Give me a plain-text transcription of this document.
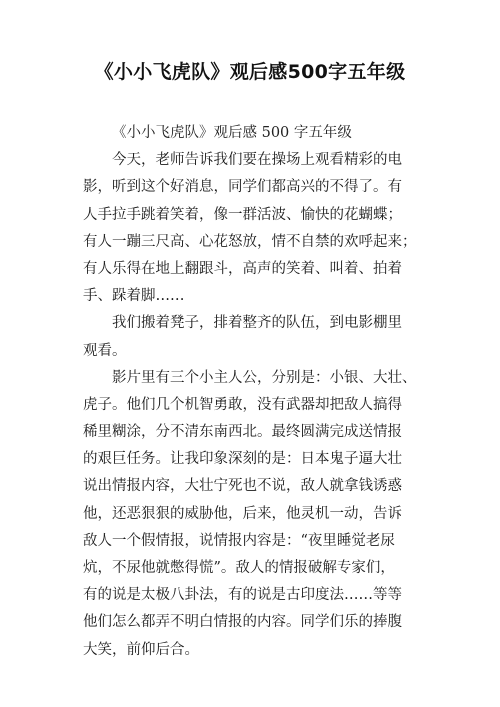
《小小飞虎队》观后感500字五年级
《小小飞虎队》观后感 500 字五年级
今天，老师告诉我们要在操场上观看精彩的电
影，听到这个好消息，同学们都高兴的不得了。有
人手拉手跳着笑着，像一群活波、愉快的花蝴蝶；
有人一蹦三尺高、心花怒放，情不自禁的欢呼起来；
有人乐得在地上翻跟斗，高声的笑着、叫着、拍着
手、跺着脚……
我们搬着凳子，排着整齐的队伍，到电影棚里
观看。
影片里有三个小主人公，分别是：小银、大壮、
虎子。他们几个机智勇敢，没有武器却把敌人搞得
稀里糊涂，分不清东南西北。最终圆满完成送情报
的艰巨任务。让我印象深刻的是：日本鬼子逼大壮
说出情报内容，大壮宁死也不说，敌人就拿钱诱惑
他，还恶狠狠的威胁他，后来，他灵机一动，告诉
敌人一个假情报，说情报内容是：“夜里睡觉老尿
炕，不尿他就憋得慌”。敌人的情报破解专家们，
有的说是太极八卦法，有的说是古印度法……等等
他们怎么都弄不明白情报的内容。同学们乐的捧腹
大笑，前仰后合。
